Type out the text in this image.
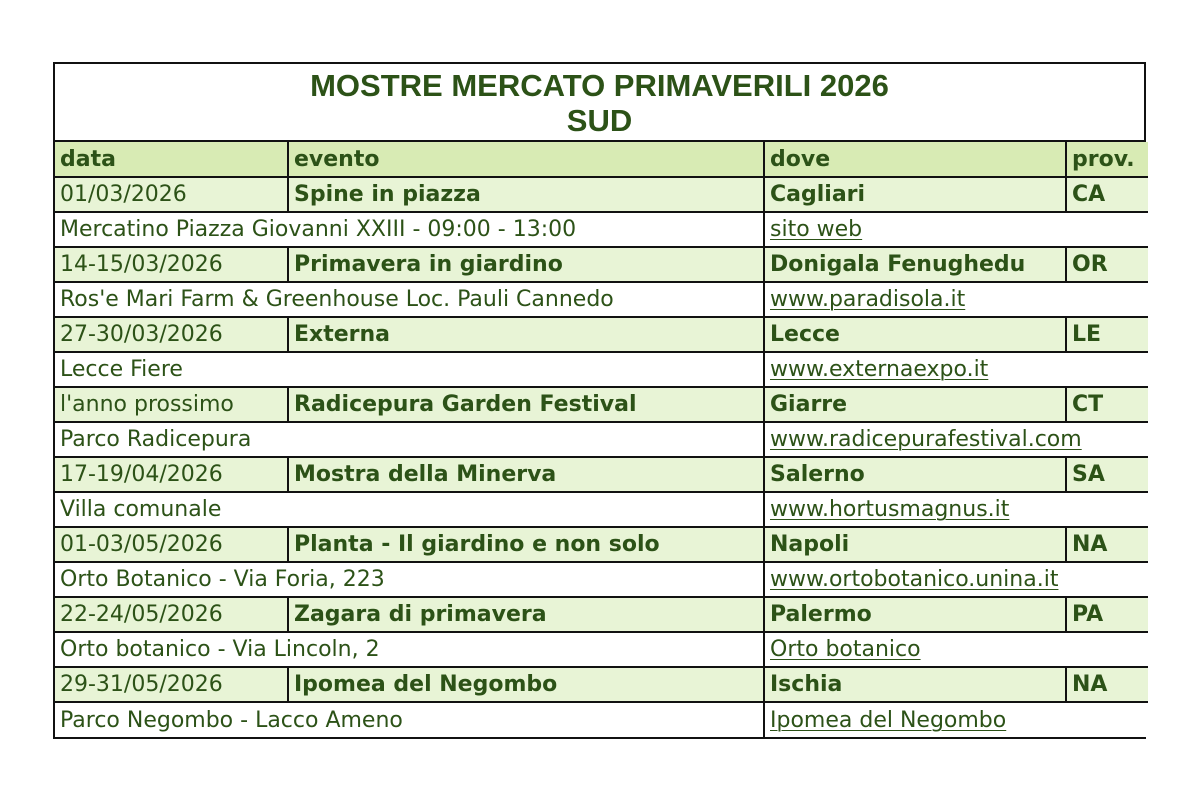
MOSTRE MERCATO PRIMAVERILI 2026
SUD
data	evento	dove	prov.
01/03/2026	Spine in piazza	Cagliari	CA
Mercatino Piazza Giovanni XXIII - 09:00 - 13:00		sito web	
14-15/03/2026	Primavera in giardino	Donigala Fenughedu	OR
Ros'e Mari Farm & Greenhouse Loc. Pauli Cannedo		www.paradisola.it	
27-30/03/2026	Externa	Lecce	LE
Lecce Fiere		www.externaexpo.it	
l'anno prossimo	Radicepura Garden Festival	Giarre	CT
Parco Radicepura		www.radicepurafestival.com	
17-19/04/2026	Mostra della Minerva	Salerno	SA
Villa comunale		www.hortusmagnus.it	
01-03/05/2026	Planta - Il giardino e non solo	Napoli	NA
Orto Botanico - Via Foria, 223		www.ortobotanico.unina.it	
22-24/05/2026	Zagara di primavera	Palermo	PA
Orto botanico - Via Lincoln, 2		Orto botanico	
29-31/05/2026	Ipomea del Negombo	Ischia	NA
Parco Negombo - Lacco Ameno		Ipomea del Negombo	
